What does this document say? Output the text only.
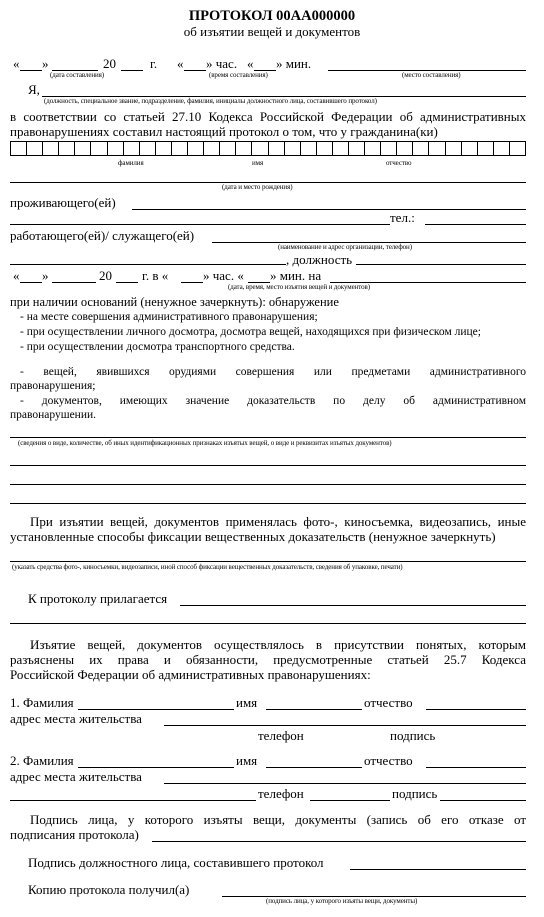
ПРОТОКОЛ 00АА000000
об изъятии вещей и документов
« »	20	г. « » час. « » мин.
(дата составления)	(время составления)	(место составления)
Я,
(должность, специальное звание, подразделение, фамилия, инициалы должностного лица, составившего протокол)
в соответствии со статьей 27.10 Кодекса Российской Федерации об административных
правонарушениях составил настоящий протокол о том, что у гражданина(ки)
фамилия	имя	отчество
(дата и место рождения)
проживающего(ей)
тел.:
работающего(ей)/ служащего(ей)
(наименование и адрес организации, телефон)
, должность
« »	20 г. в «	» час. « » мин. на
(дата, время, место изъятия вещей и документов)
при наличии оснований (ненужное зачеркнуть): обнаружение
- на месте совершения административного правонарушения;
- при осуществлении личного досмотра, досмотра вещей, находящихся при физическом лице;
- при осуществлении досмотра транспортного средства.
- вещей, явившихся орудиями совершения или предметами административного
правонарушения;
- документов, имеющих значение доказательств по делу об административном
правонарушении.
(сведения о виде, количестве, об иных идентификационных признаках изъятых вещей, о виде и реквизитах изъятых документов)
При изъятии вещей, документов применялась фото-, киносъемка, видеозапись, иные
установленные способы фиксации вещественных доказательств (ненужное зачеркнуть)
(указать средства фото-, киносъемки, видеозаписи, иной способ фиксации вещественных доказательств, сведения об упаковке, печати)
К протоколу прилагается
Изъятие вещей, документов осуществлялось в присутствии понятых, которым
разъяснены их права и обязанности, предусмотренные статьей 25.7 Кодекса
Российской Федерации об административных правонарушениях:
1. Фамилия	имя	отчество
адрес места жительства
телефон	подпись
2. Фамилия	имя	отчество
адрес места жительства
телефон	подпись
Подпись лица, у которого изъяты вещи, документы (запись об его отказе от
подписания протокола)
Подпись должностного лица, составившего протокол
Копию протокола получил(а)
(подпись лица, у которого изъяты вещи, документы)
